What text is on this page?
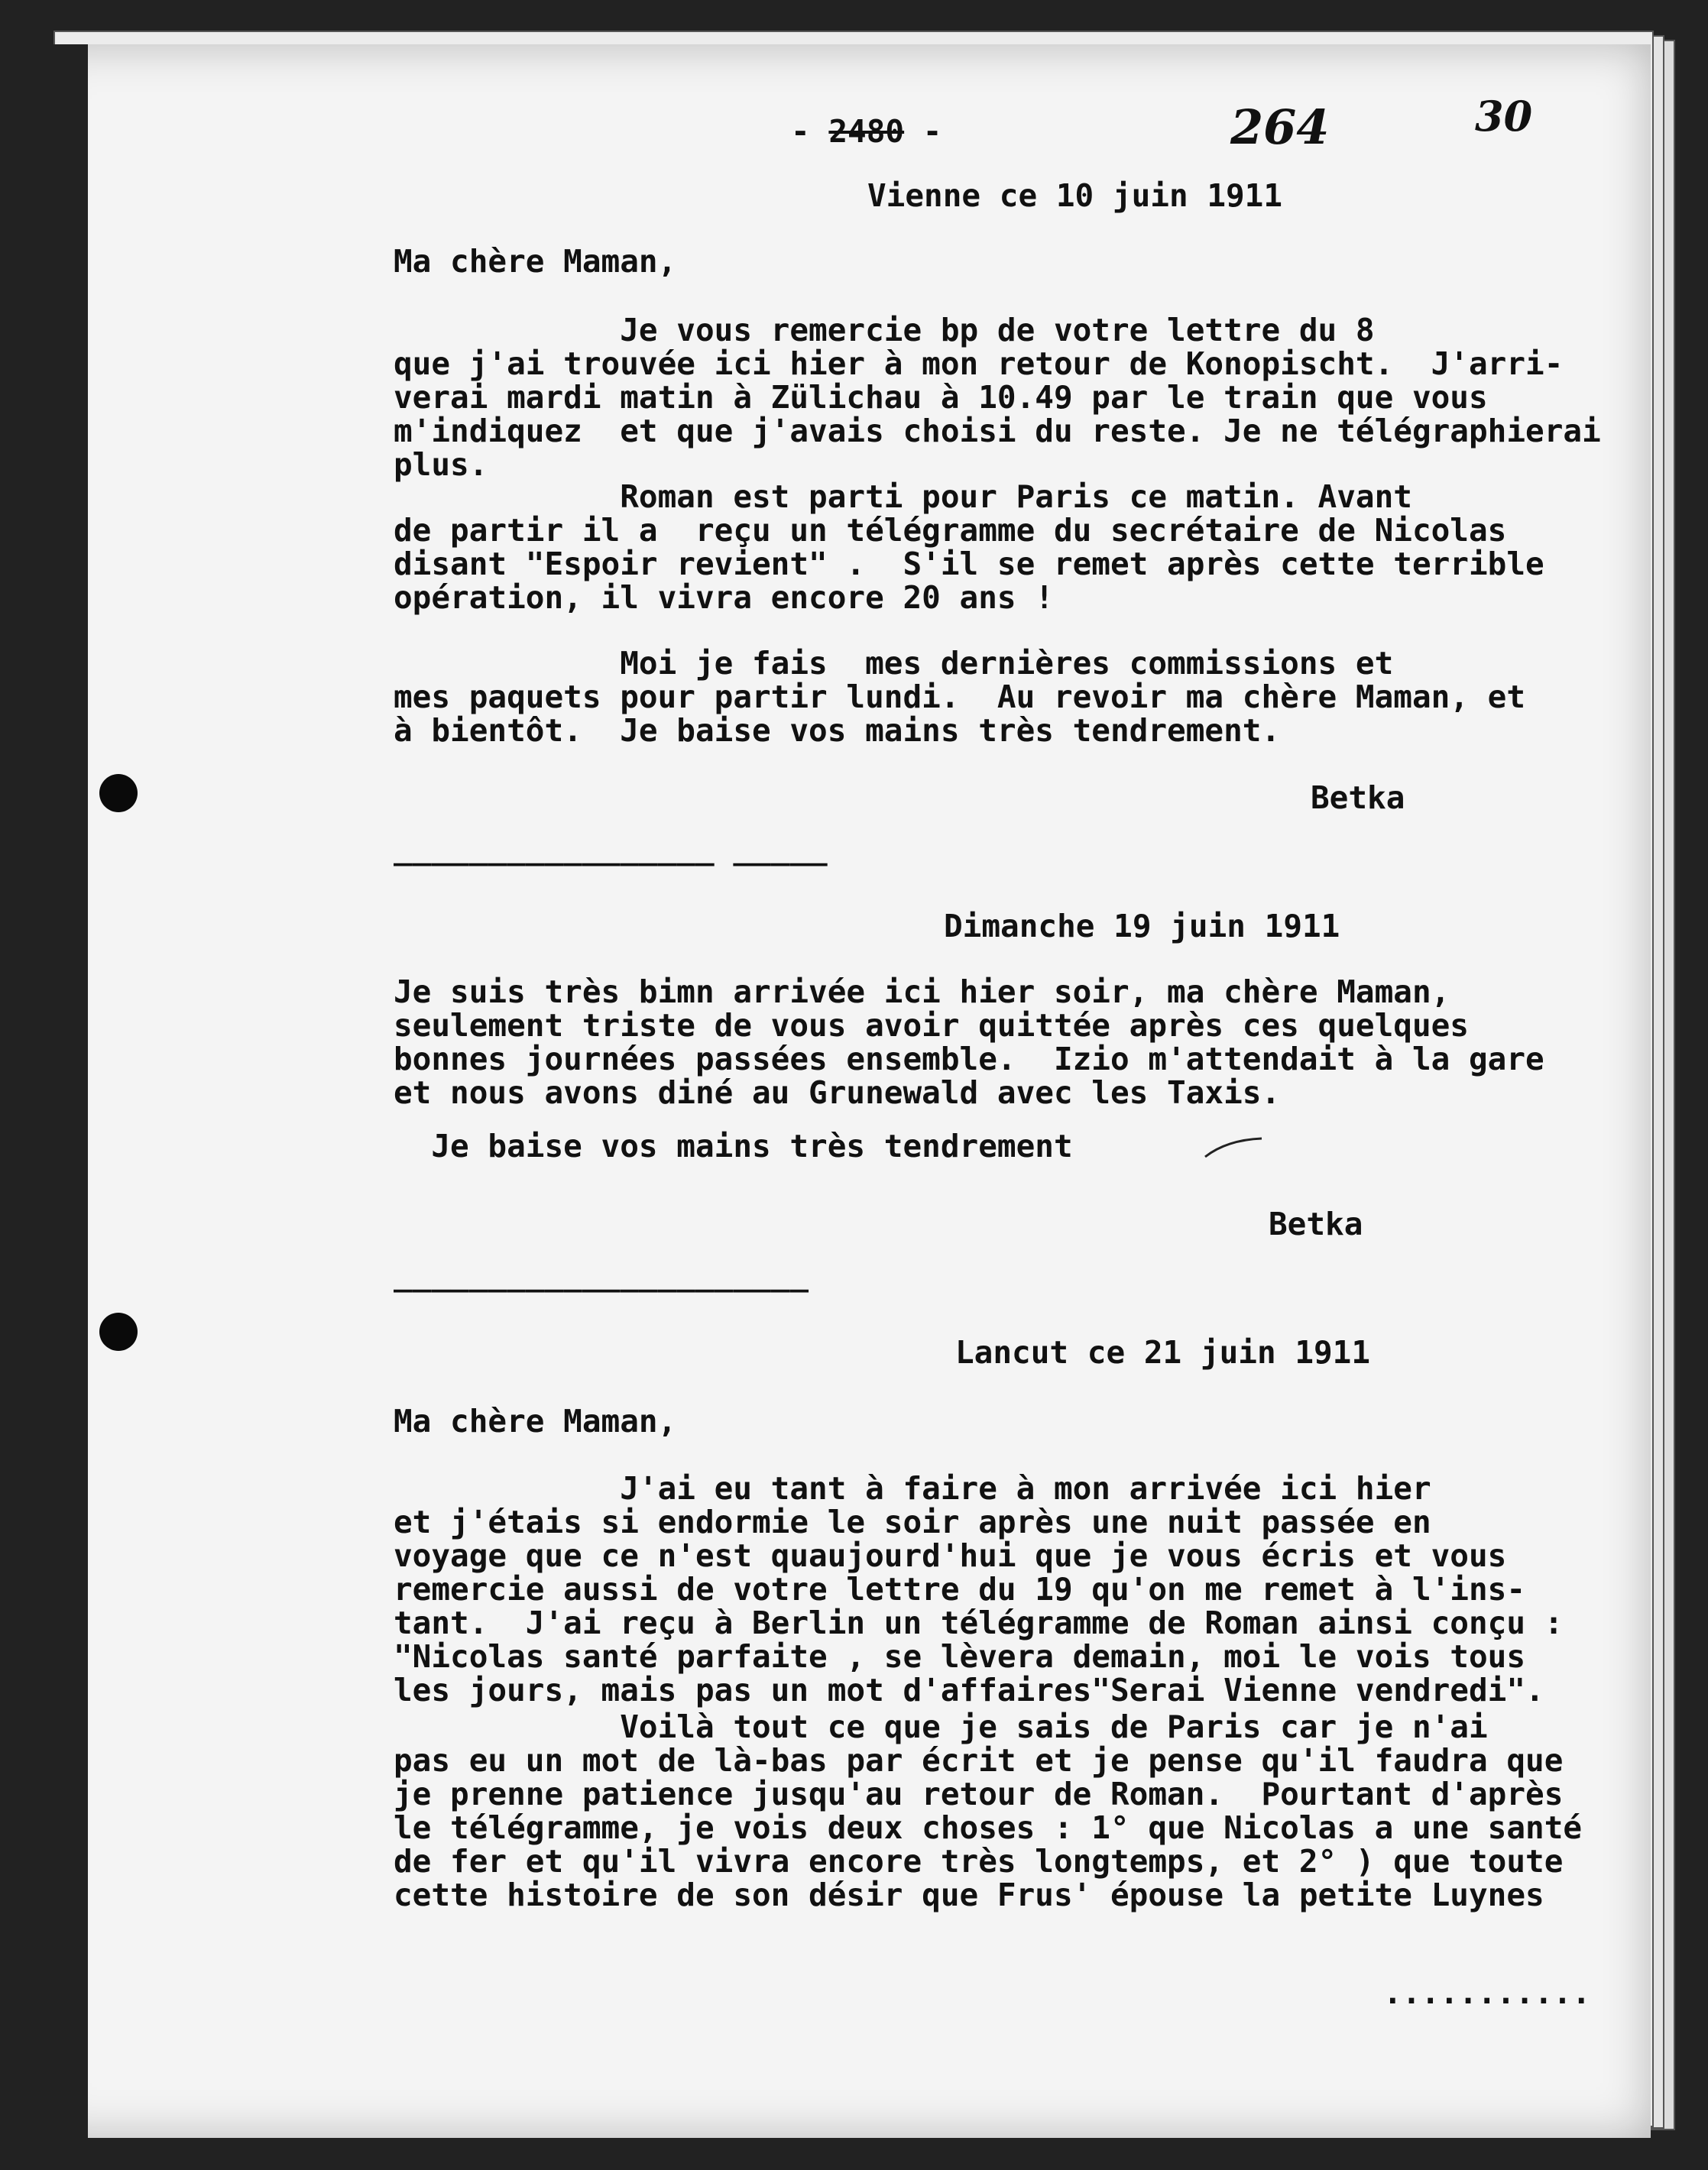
- 2480 -	264	30
Vienne ce 10 juin 1911
Ma chère Maman,
Je vous remercie bp de votre lettre du 8
que j'ai trouvée ici hier à mon retour de Konopischt.  J'arri-
verai mardi matin à Zülichau à 10.49 par le train que vous
m'indiquez  et que j'avais choisi du reste. Je ne télégraphierai
plus.
Roman est parti pour Paris ce matin. Avant
de partir il a  reçu un télégramme du secrétaire de Nicolas
disant "Espoir revient" .  S'il se remet après cette terrible
opération, il vivra encore 20 ans !
Moi je fais  mes dernières commissions et
mes paquets pour partir lundi.  Au revoir ma chère Maman, et
à bientôt.  Je baise vos mains très tendrement.
Betka
_________________ _____
Dimanche 19 juin 1911
Je suis très bimn arrivée ici hier soir, ma chère Maman,
seulement triste de vous avoir quittée après ces quelques
bonnes journées passées ensemble.  Izio m'attendait à la gare
et nous avons diné au Grunewald avec les Taxis.
Je baise vos mains très tendrement
Betka
______________________
Lancut ce 21 juin 1911
Ma chère Maman,
J'ai eu tant à faire à mon arrivée ici hier
et j'étais si endormie le soir après une nuit passée en
voyage que ce n'est quaujourd'hui que je vous écris et vous
remercie aussi de votre lettre du 19 qu'on me remet à l'ins-
tant.  J'ai reçu à Berlin un télégramme de Roman ainsi conçu :
"Nicolas santé parfaite , se lèvera demain, moi le vois tous
les jours, mais pas un mot d'affaires"Serai Vienne vendredi".
Voilà tout ce que je sais de Paris car je n'ai
pas eu un mot de là-bas par écrit et je pense qu'il faudra que
je prenne patience jusqu'au retour de Roman.  Pourtant d'après
le télégramme, je vois deux choses : 1° que Nicolas a une santé
de fer et qu'il vivra encore très longtemps, et 2° ) que toute
cette histoire de son désir que Frus' épouse la petite Luynes
...........
